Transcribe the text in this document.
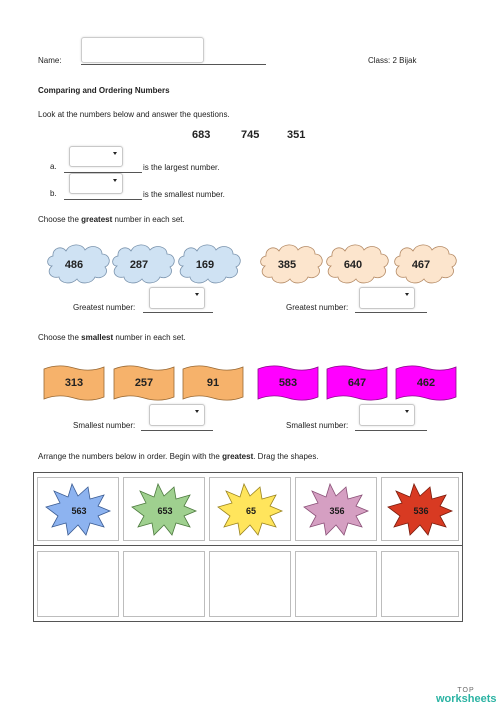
Name:	Class: 2 Bijak
Comparing and Ordering Numbers
Look at the numbers below and answer the questions.
683	745	351
a.	is the largest number.
b.	is the smallest number.
Choose the greatest number in each set.
486	287	169	385	640	467
Greatest number:	Greatest number:
Choose the smallest number in each set.
313	257	91	583	647	462
Smallest number:	Smallest number:
Arrange the numbers below in order. Begin with the greatest. Drag the shapes.
563	653	65	356	536
TOP
worksheets
